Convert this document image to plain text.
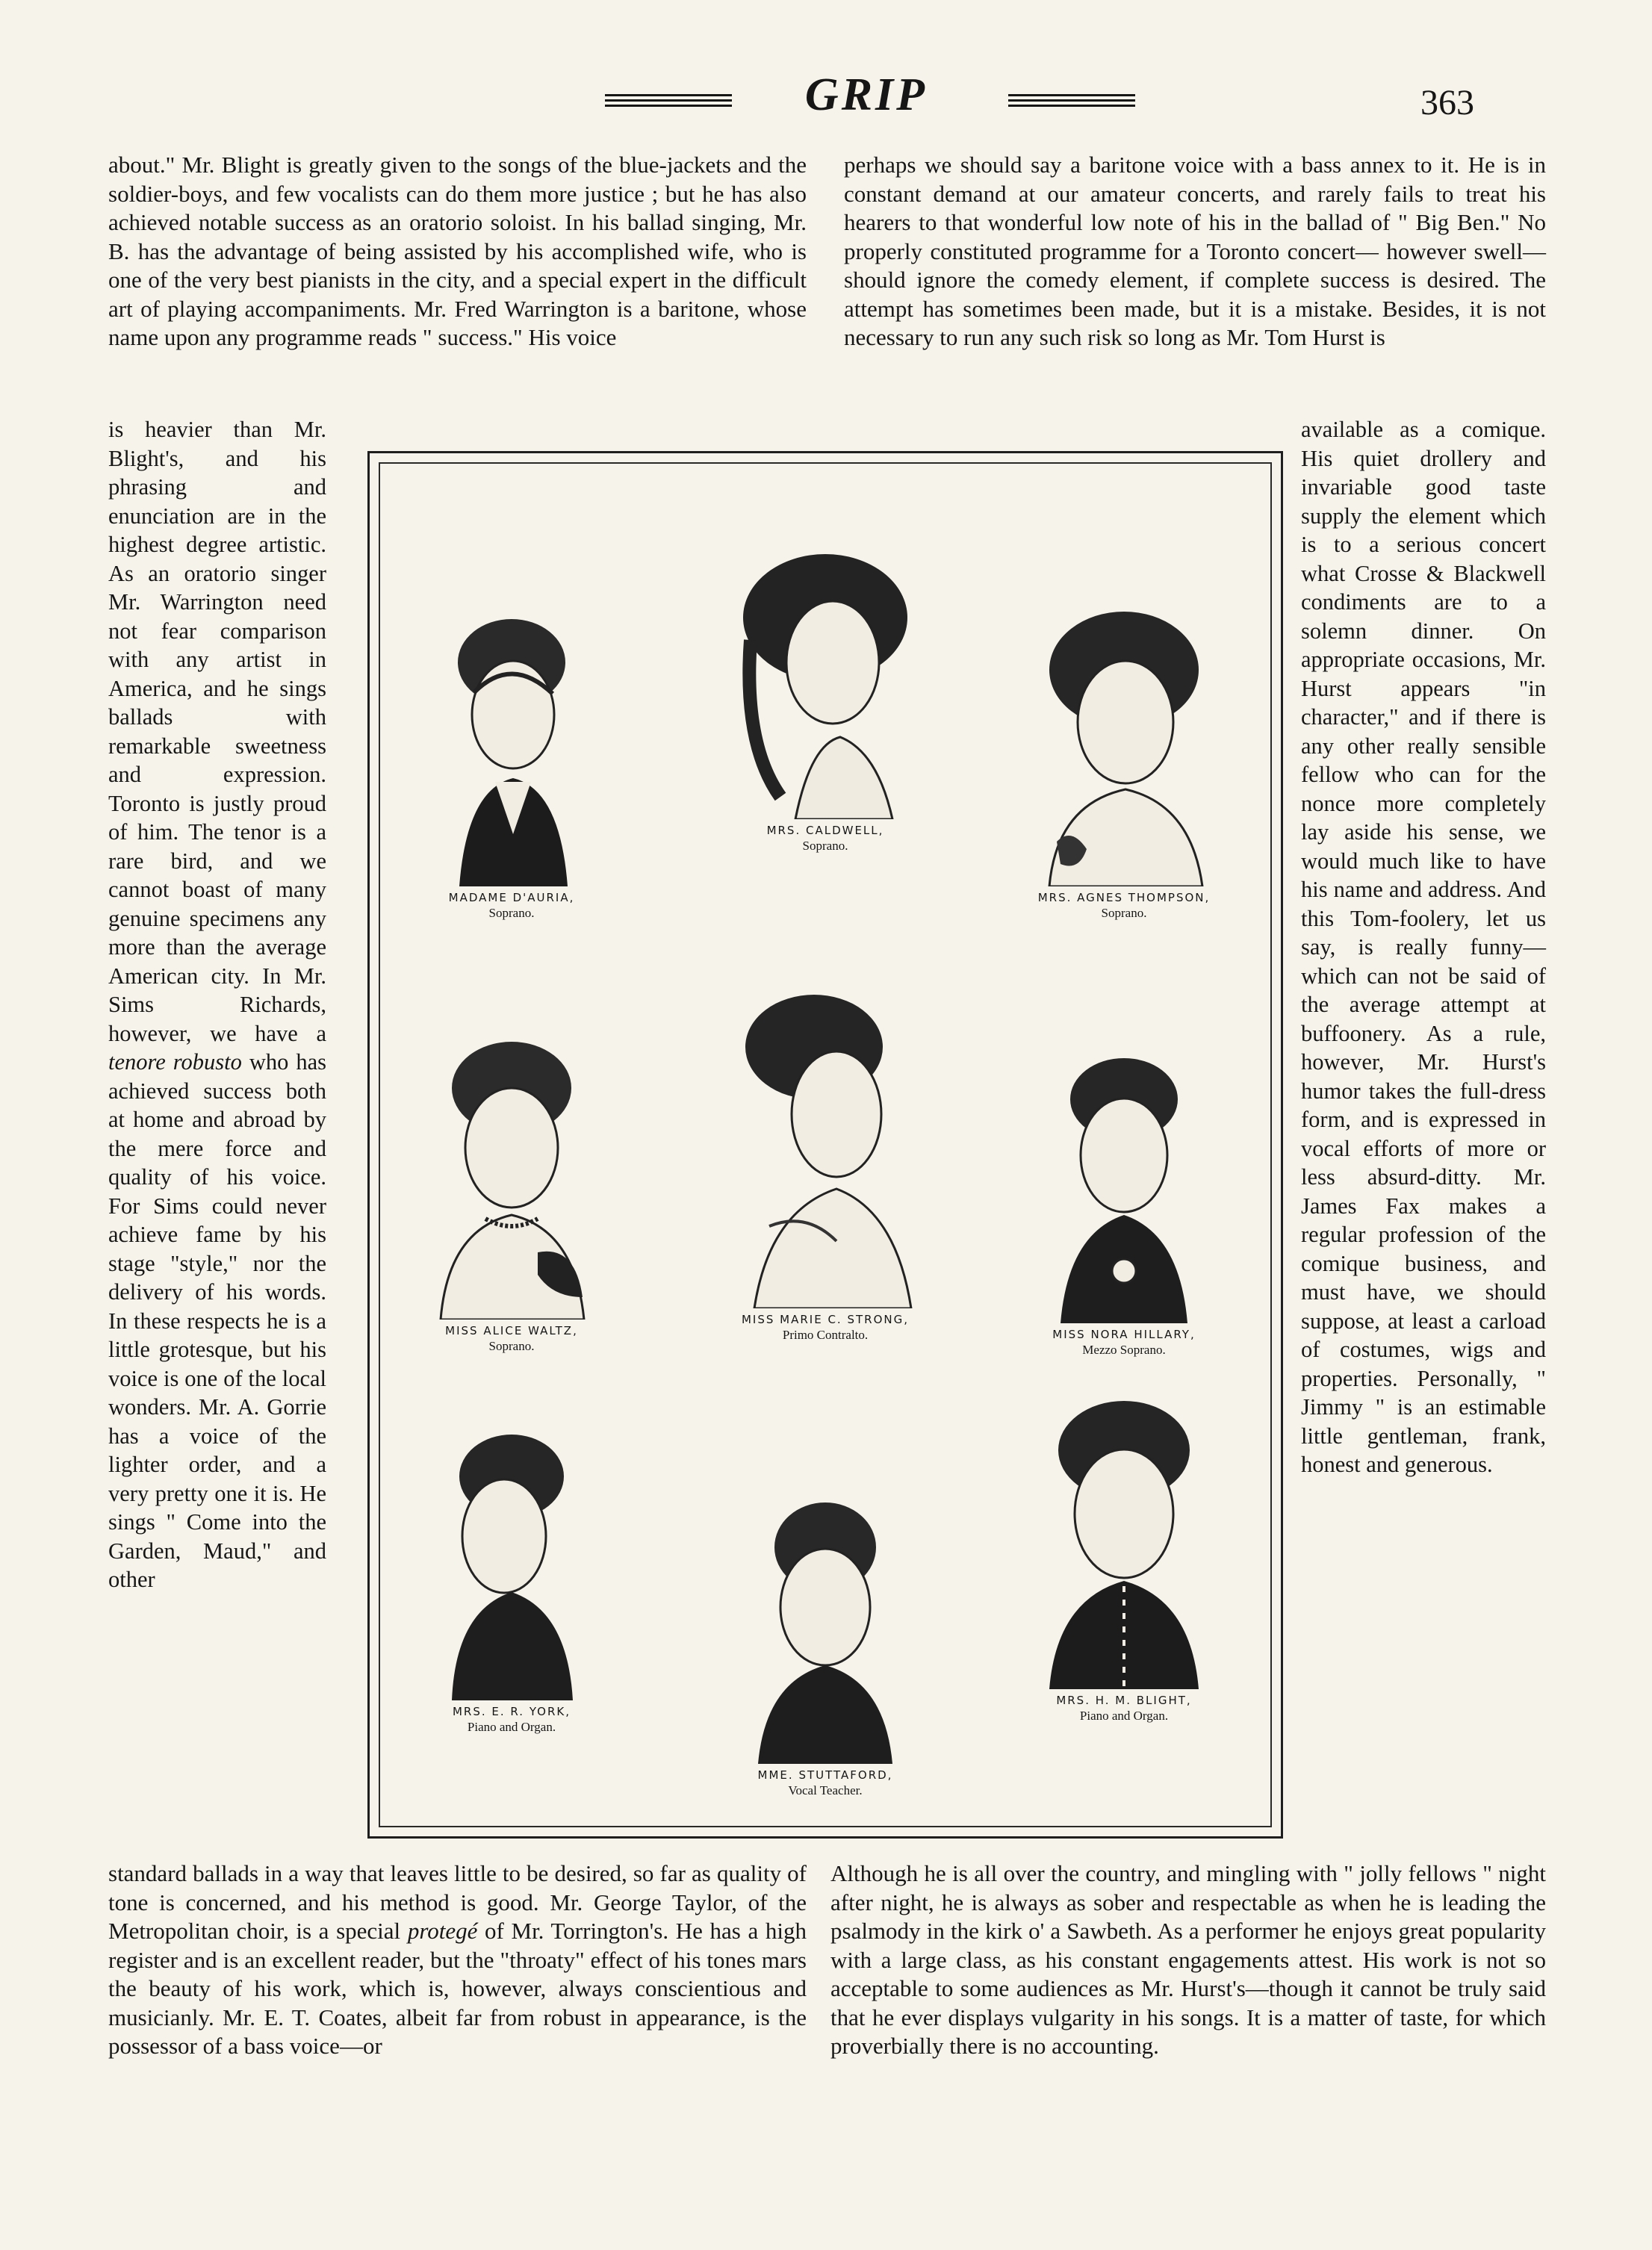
GRIP	363

about." Mr. Blight is greatly given to the songs of the blue-jackets and the soldier-boys, and few vocalists can do them more justice ; but he has also achieved notable success as an oratorio soloist. In his ballad singing, Mr. B. has the advantage of being assisted by his accomplished wife, who is one of the very best pianists in the city, and a special expert in the difficult art of playing accompaniments. Mr. Fred Warrington is a baritone, whose name upon any programme reads " success." His voice

perhaps we should say a baritone voice with a bass annex to it. He is in constant demand at our amateur concerts, and rarely fails to treat his hearers to that wonderful low note of his in the ballad of " Big Ben." No properly constituted programme for a Toronto concert— however swell—should ignore the comedy element, if complete success is desired. The attempt has sometimes been made, but it is a mistake. Besides, it is not necessary to run any such risk so long as Mr. Tom Hurst is

is heavier than Mr. Blight's, and his phrasing and enunciation are in the highest degree artistic. As an oratorio singer Mr. Warrington need not fear comparison with any artist in America, and he sings ballads with remarkable sweetness and expression. Toronto is justly proud of him. The tenor is a rare bird, and we cannot boast of many genuine specimens any more than the average American city. In Mr. Sims Richards, however, we have a tenore robusto who has achieved success both at home and abroad by the mere force and quality of his voice. For Sims could never achieve fame by his stage "style," nor the delivery of his words. In these respects he is a little grotesque, but his voice is one of the local wonders. Mr. A. Gorrie has a voice of the lighter order, and a very pretty one it is. He sings " Come into the Garden, Maud," and other

available as a comique. His quiet drollery and invariable good taste supply the element which is to a serious concert what Crosse & Blackwell condiments are to a solemn dinner. On appropriate occasions, Mr. Hurst appears "in character," and if there is any other really sensible fellow who can for the nonce more completely lay aside his sense, we would much like to have his name and address. And this Tom-foolery, let us say, is really funny—which can not be said of the average attempt at buffoonery. As a rule, however, Mr. Hurst's humor takes the full-dress form, and is expressed in vocal efforts of more or less absurd-ditty. Mr. James Fax makes a regular profession of the comique business, and must have, we should suppose, at least a carload of costumes, wigs and properties. Personally, " Jimmy " is an estimable little gentleman, frank, honest and generous.

MADAME D'AURIA,
Soprano.
MRS. CALDWELL,
Soprano.
MRS. AGNES THOMPSON,
Soprano.
MISS ALICE WALTZ,
Soprano.
MISS MARIE C. STRONG,
Primo Contralto.	MISS NORA HILLARY,
Mezzo Soprano.
MRS. E. R. YORK,
Piano and Organ.
MME. STUTTAFORD,
Vocal Teacher.
MRS. H. M. BLIGHT,
Piano and Organ.

standard ballads in a way that leaves little to be desired, so far as quality of tone is concerned, and his method is good. Mr. George Taylor, of the Metropolitan choir, is a special protegé of Mr. Torrington's. He has a high register and is an excellent reader, but the "throaty" effect of his tones mars the beauty of his work, which is, however, always conscientious and musicianly. Mr. E. T. Coates, albeit far from robust in appearance, is the possessor of a bass voice—or

Although he is all over the country, and mingling with " jolly fellows " night after night, he is always as sober and respectable as when he is leading the psalmody in the kirk o' a Sawbeth. As a performer he enjoys great popularity with a large class, as his constant engagements attest. His work is not so acceptable to some audiences as Mr. Hurst's—though it cannot be truly said that he ever displays vulgarity in his songs. It is a matter of taste, for which proverbially there is no accounting.
